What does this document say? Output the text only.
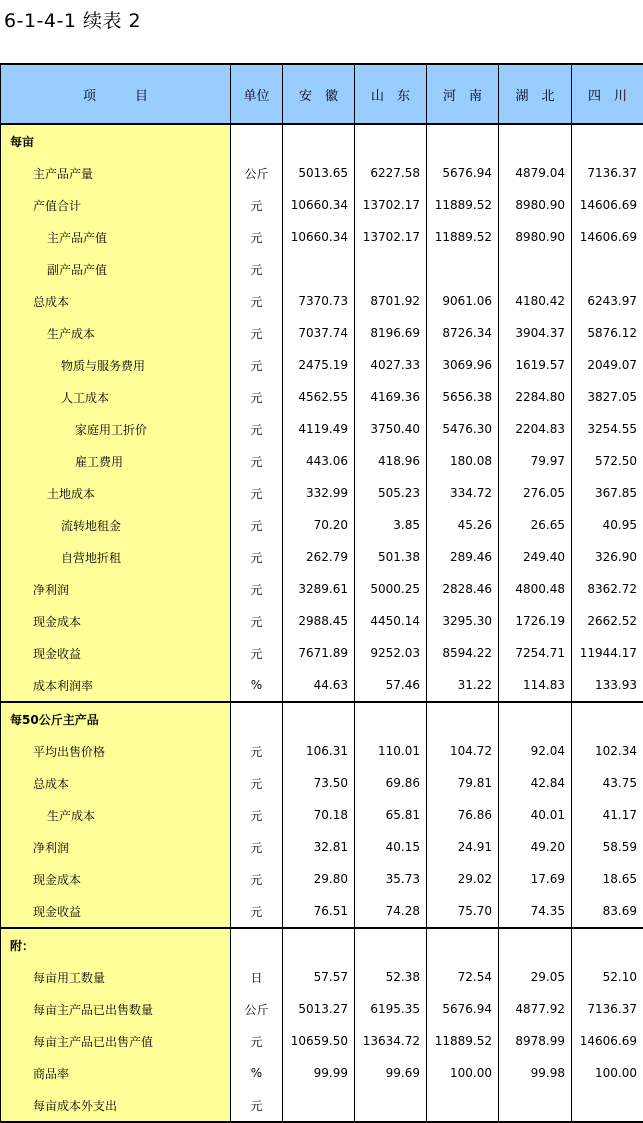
6-1-4-1 续表 2
项　　　目	单位	安　徽	山　东	河　南	湖　北	四　川
每亩						
主产品产量	公斤	5013.65	6227.58	5676.94	4879.04	7136.37
产值合计	元	10660.34	13702.17	11889.52	8980.90	14606.69
主产品产值	元	10660.34	13702.17	11889.52	8980.90	14606.69
副产品产值	元					
总成本	元	7370.73	8701.92	9061.06	4180.42	6243.97
生产成本	元	7037.74	8196.69	8726.34	3904.37	5876.12
物质与服务费用	元	2475.19	4027.33	3069.96	1619.57	2049.07
人工成本	元	4562.55	4169.36	5656.38	2284.80	3827.05
家庭用工折价	元	4119.49	3750.40	5476.30	2204.83	3254.55
雇工费用	元	443.06	418.96	180.08	79.97	572.50
土地成本	元	332.99	505.23	334.72	276.05	367.85
流转地租金	元	70.20	3.85	45.26	26.65	40.95
自营地折租	元	262.79	501.38	289.46	249.40	326.90
净利润	元	3289.61	5000.25	2828.46	4800.48	8362.72
现金成本	元	2988.45	4450.14	3295.30	1726.19	2662.52
现金收益	元	7671.89	9252.03	8594.22	7254.71	11944.17
成本利润率	%	44.63	57.46	31.22	114.83	133.93
每50公斤主产品						
平均出售价格	元	106.31	110.01	104.72	92.04	102.34
总成本	元	73.50	69.86	79.81	42.84	43.75
生产成本	元	70.18	65.81	76.86	40.01	41.17
净利润	元	32.81	40.15	24.91	49.20	58.59
现金成本	元	29.80	35.73	29.02	17.69	18.65
现金收益	元	76.51	74.28	75.70	74.35	83.69
附：						
每亩用工数量	日	57.57	52.38	72.54	29.05	52.10
每亩主产品已出售数量	公斤	5013.27	6195.35	5676.94	4877.92	7136.37
每亩主产品已出售产值	元	10659.50	13634.72	11889.52	8978.99	14606.69
商品率	%	99.99	99.69	100.00	99.98	100.00
每亩成本外支出	元					
